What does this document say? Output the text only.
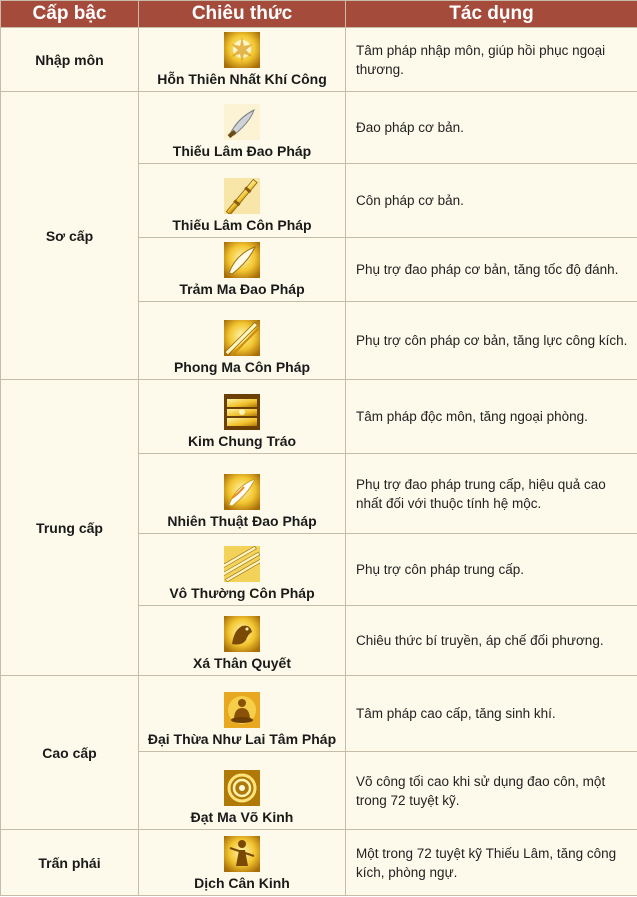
Cấp bậc	Chiêu thức	Tác dụng
Nhập môn	Hỗn Thiên Nhất Khí Công	Tâm pháp nhập môn, giúp hồi phục ngoại thương.
Sơ cấp	Thiếu Lâm Đao Pháp	Đao pháp cơ bản.

	Thiếu Lâm Côn Pháp	Côn pháp cơ bản.

	Trảm Ma Đao Pháp	Phụ trợ đao pháp cơ bản, tăng tốc độ đánh.

	Phong Ma Côn Pháp	Phụ trợ côn pháp cơ bản, tăng lực công kích.
Trung cấp	Kim Chung Tráo	Tâm pháp độc môn, tăng ngoại phòng.

	Nhiên Thuật Đao Pháp	Phụ trợ đao pháp trung cấp, hiệu quả cao nhất đối với thuộc tính hệ mộc.

	Vô Thường Côn Pháp	Phụ trợ côn pháp trung cấp.

	Xá Thân Quyết	Chiêu thức bí truyền, áp chế đối phương.
Cao cấp	Đại Thừa Như Lai Tâm Pháp	Tâm pháp cao cấp, tăng sinh khí.

	Đạt Ma Võ Kinh	Võ công tối cao khi sử dụng đao côn, một trong 72 tuyệt kỹ.
Trấn phái	Dịch Cân Kinh	Một trong 72 tuyệt kỹ Thiếu Lâm, tăng công kích, phòng ngự.
